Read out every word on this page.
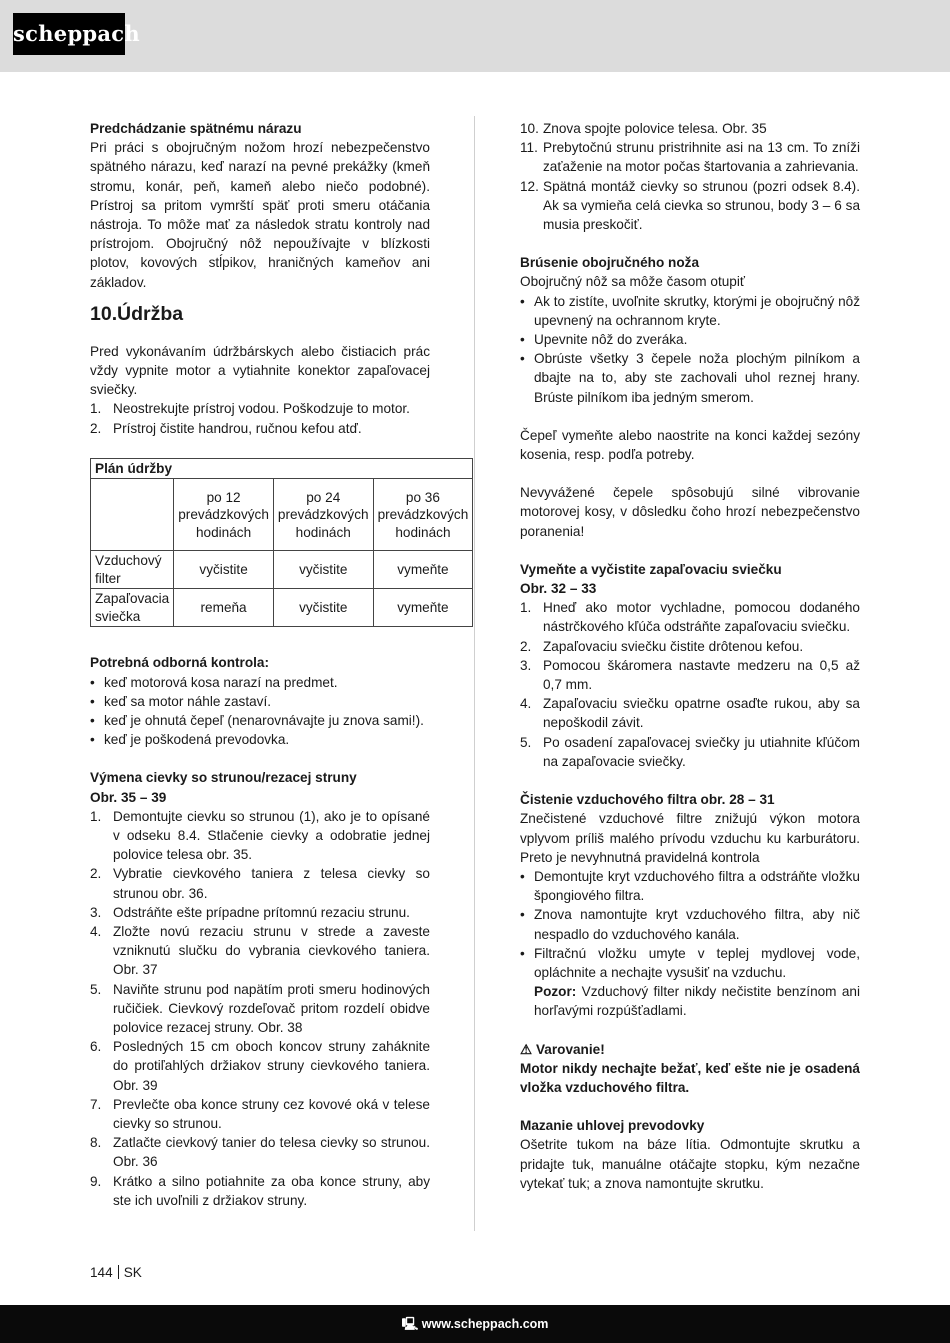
scheppach

Predchádzanie spätnému nárazu

Pri práci s obojručným nožom hrozí nebezpečenstvo spätného nárazu, keď narazí na pevné prekážky (kmeň stromu, konár, peň, kameň alebo niečo podobné). Prístroj sa pritom vymrští späť proti smeru otáčania nástroja. To môže mať za následok stratu kontroly nad prístrojom. Obojručný nôž nepoužívajte v blízkosti plotov, kovových stĺpikov, hraničných kameňov ani základov.

10.Údržba

Pred vykonávaním údržbárskych alebo čistiacich prác vždy vypnite motor a vytiahnite konektor zapaľovacej sviečky.

1. Neostrekujte prístroj vodou. Poškodzuje to motor.
2. Prístroj čistite handrou, ručnou kefou atď.
Plán údržby			
	po 12 prevádzkových hodinách	po 24 prevádzkových hodinách	po 36 prevádzkových hodinách
Vzduchový filter	vyčistite	vyčistite	vymeňte
Zapaľovacia sviečka	remeňa	vyčistite	vymeňte

Potrebná odborná kontrola:

• keď motorová kosa narazí na predmet.
• keď sa motor náhle zastaví.
• keď je ohnutá čepeľ (nenarovnávajte ju znova sami!).
• keď je poškodená prevodovka.

Výmena cievky so strunou/rezacej struny

Obr. 35 – 39

1. Demontujte cievku so strunou (1), ako je to opísané v odseku 8.4. Stlačenie cievky a odobratie jednej polovice telesa obr. 35.
2. Vybratie cievkového taniera z telesa cievky so strunou obr. 36.
3. Odstráňte ešte prípadne prítomnú rezaciu strunu.
4. Zložte novú rezaciu strunu v strede a zaveste vzniknutú slučku do vybrania cievkového taniera. Obr. 37
5. Naviňte strunu pod napätím proti smeru hodinových ručičiek. Cievkový rozdeľovač pritom rozdelí obidve polovice rezacej struny. Obr. 38
6. Posledných 15 cm oboch koncov struny zaháknite do protiľahlých držiakov struny cievkového taniera. Obr. 39
7. Prevlečte oba konce struny cez kovové oká v telese cievky so strunou.
8. Zatlačte cievkový tanier do telesa cievky so strunou. Obr. 36
9. Krátko a silno potiahnite za oba konce struny, aby ste ich uvoľnili z držiakov struny.
10. Znova spojte polovice telesa. Obr. 35
11. Prebytočnú strunu pristrihnite asi na 13 cm. To zníži zaťaženie na motor počas štartovania a zahrievania.
12. Spätná montáž cievky so strunou (pozri odsek 8.4). Ak sa vymieňa celá cievka so strunou, body 3 – 6 sa musia preskočiť.

Brúsenie obojručného noža

Obojručný nôž sa môže časom otupiť

• Ak to zistíte, uvoľnite skrutky, ktorými je obojručný nôž upevnený na ochrannom kryte.
• Upevnite nôž do zveráka.
• Obrúste všetky 3 čepele noža plochým pilníkom a dbajte na to, aby ste zachovali uhol reznej hrany. Brúste pilníkom iba jedným smerom.

Čepeľ vymeňte alebo naostrite na konci každej sezóny kosenia, resp. podľa potreby.

Nevyvážené čepele spôsobujú silné vibrovanie motorovej kosy, v dôsledku čoho hrozí nebezpečenstvo poranenia!

Vymeňte a vyčistite zapaľovaciu sviečku

Obr. 32 – 33

1. Hneď ako motor vychladne, pomocou dodaného nástrčkového kľúča odstráňte zapaľovaciu sviečku.
2. Zapaľovaciu sviečku čistite drôtenou kefou.
3. Pomocou škáromera nastavte medzeru na 0,5 až 0,7 mm.
4. Zapaľovaciu sviečku opatrne osaďte rukou, aby sa nepoškodil závit.
5. Po osadení zapaľovacej sviečky ju utiahnite kľúčom na zapaľovacie sviečky.

Čistenie vzduchového filtra obr. 28 – 31

Znečistené vzduchové filtre znižujú výkon motora vplyvom príliš malého prívodu vzduchu ku karburátoru. Preto je nevyhnutná pravidelná kontrola

• Demontujte kryt vzduchového filtra a odstráňte vložku špongiového filtra.
• Znova namontujte kryt vzduchového filtra, aby nič nespadlo do vzduchového kanála.
• Filtračnú vložku umyte v teplej mydlovej vode, opláchnite a nechajte vysušiť na vzduchu.
Pozor: Vzduchový filter nikdy nečistite benzínom ani horľavými rozpúšťadlami.

⚠ Varovanie!

Motor nikdy nechajte bežať, keď ešte nie je osadená vložka vzduchového filtra.

Mazanie uhlovej prevodovky

Ošetrite tukom na báze lítia. Odmontujte skrutku a pridajte tuk, manuálne otáčajte stopku, kým nezačne vytekať tuk; a znova namontujte skrutku.

144 SK
🖳 www.scheppach.com
